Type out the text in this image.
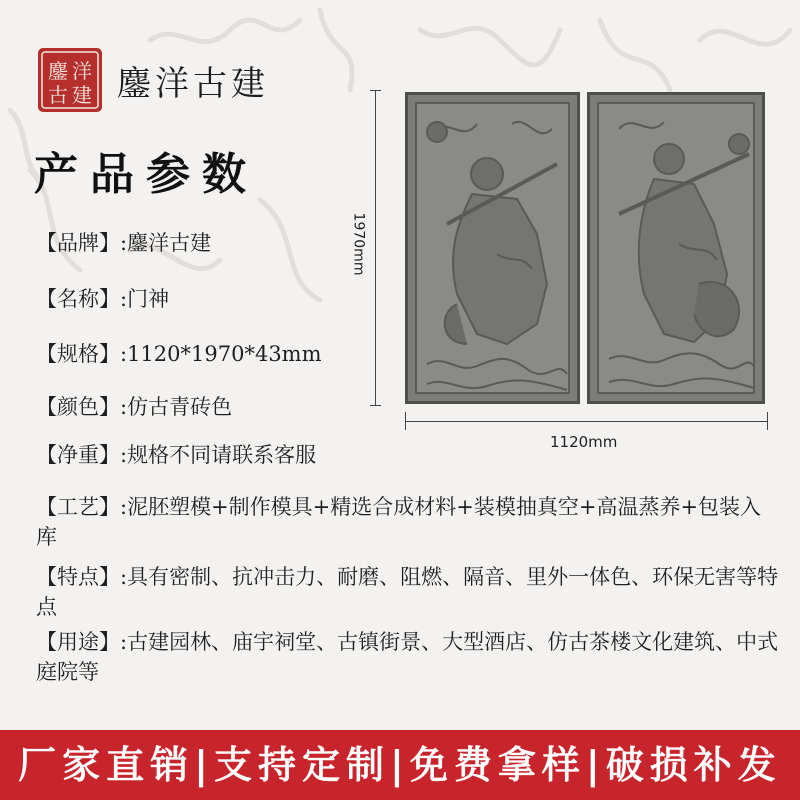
洋
建
鏖
古 鏖洋古建
产品参数
【品牌】:鏖洋古建
【名称】:门神
【规格】:1120*1970*43mm
【颜色】:仿古青砖色
【净重】:规格不同请联系客服
【工艺】:泥胚塑模+制作模具+精选合成材料+装模抽真空+高温蒸养+包装入库
【特点】:具有密制、抗冲击力、耐磨、阻燃、隔音、里外一体色、环保无害等特点
【用途】:古建园林、庙宇祠堂、古镇街景、大型酒店、仿古茶楼文化建筑、中式庭院等
1970mm
1120mm
厂家直销|支持定制|免费拿样|破损补发
